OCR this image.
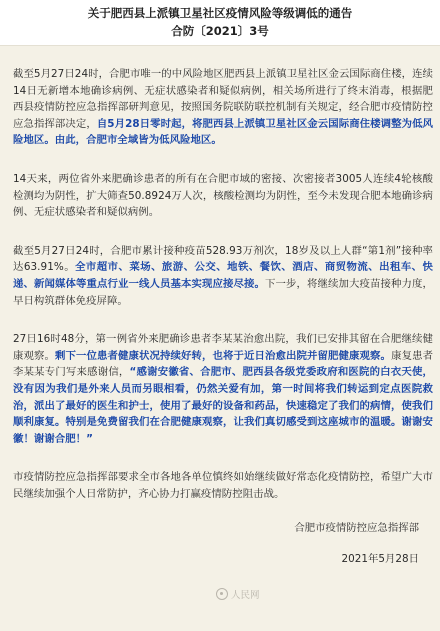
关于肥西县上派镇卫星社区疫情风险等级调低的通告
合防〔2021〕3号

截至5月27日24时，合肥市唯一的中风险地区肥西县上派镇卫星社区金云国际商住楼，连续14日无新增本地确诊病例、无症状感染者和疑似病例，相关场所进行了终末消毒，根据肥西县疫情防控应急指挥部研判意见，按照国务院联防联控机制有关规定，经合肥市疫情防控应急指挥部决定，自5月28日零时起，将肥西县上派镇卫星社区金云国际商住楼调整为低风险地区。由此，合肥市全域皆为低风险地区。

14天来，两位省外来肥确诊患者的所有在合肥市域的密接、次密接者3005人连续4轮核酸检测均为阴性，扩大筛查50.8924万人次，核酸检测均为阴性，至今未发现合肥本地确诊病例、无症状感染者和疑似病例。

截至5月27日24时，合肥市累计接种疫苗528.93万剂次，18岁及以上人群“第1剂”接种率达63.91%。全市超市、菜场、旅游、公交、地铁、餐饮、酒店、商贸物流、出租车、快递、新闻媒体等重点行业一线人员基本实现应接尽接。下一步，将继续加大疫苗接种力度，早日构筑群体免疫屏障。

27日16时48分，第一例省外来肥确诊患者李某某治愈出院，我们已安排其留在合肥继续健康观察。剩下一位患者健康状况持续好转，也将于近日治愈出院并留肥健康观察。康复患者李某某专门写来感谢信，“感谢安徽省、合肥市、肥西县各级党委政府和医院的白衣天使，没有因为我们是外来人员而另眼相看，仍然关爱有加，第一时间将我们转运到定点医院救治，派出了最好的医生和护士，使用了最好的设备和药品，快速稳定了我们的病情，使我们顺利康复。特别是免费留我们在合肥健康观察，让我们真切感受到这座城市的温暖。谢谢安徽！谢谢合肥！”

市疫情防控应急指挥部要求全市各地各单位慎终如始继续做好常态化疫情防控，希望广大市民继续加强个人日常防护，齐心协力打赢疫情防控阻击战。

合肥市疫情防控应急指挥部
2021年5月28日
人民网
